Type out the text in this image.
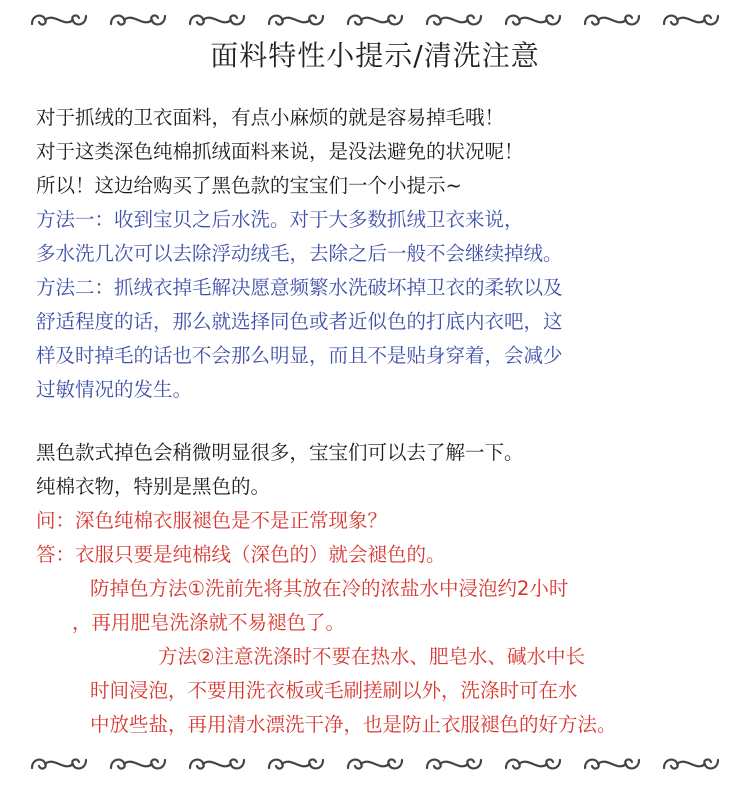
面料特性小提示/清洗注意
对于抓绒的卫衣面料，有点小麻烦的就是容易掉毛哦！
对于这类深色纯棉抓绒面料来说，是没法避免的状况呢！
所以！这边给购买了黑色款的宝宝们一个小提示~
方法一：收到宝贝之后水洗。对于大多数抓绒卫衣来说，
多水洗几次可以去除浮动绒毛，去除之后一般不会继续掉绒。
方法二：抓绒衣掉毛解决愿意频繁水洗破坏掉卫衣的柔软以及
舒适程度的话，那么就选择同色或者近似色的打底内衣吧，这
样及时掉毛的话也不会那么明显，而且不是贴身穿着，会减少
过敏情况的发生。
黑色款式掉色会稍微明显很多，宝宝们可以去了解一下。
纯棉衣物，特别是黑色的。
问：深色纯棉衣服褪色是不是正常现象？
答：衣服只要是纯棉线（深色的）就会褪色的。
防掉色方法①洗前先将其放在冷的浓盐水中浸泡约2小时
，再用肥皂洗涤就不易褪色了。
方法②注意洗涤时不要在热水、肥皂水、碱水中长
时间浸泡，不要用洗衣板或毛刷搓刷以外，洗涤时可在水
中放些盐，再用清水漂洗干净，也是防止衣服褪色的好方法。
